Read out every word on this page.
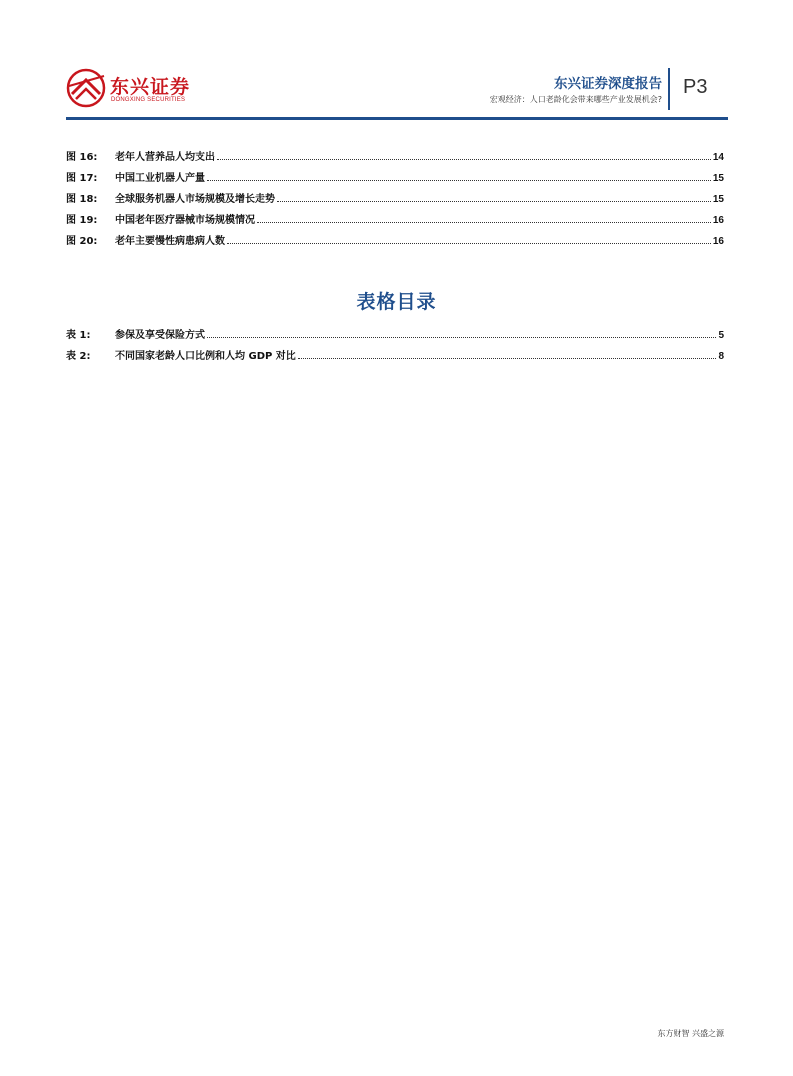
东兴证券
DONGXING SECURITIES
东兴证券深度报告
宏观经济：人口老龄化会带来哪些产业发展机会?
P3
图 16:	老年人营养品人均支出	14
图 17:	中国工业机器人产量	15
图 18:	全球服务机器人市场规模及增长走势	15
图 19:	中国老年医疗器械市场规模情况	16
图 20:	老年主要慢性病患病人数	16
表格目录
表 1:	参保及享受保险方式	5
表 2:	不同国家老龄人口比例和人均 GDP 对比	8
东方财智 兴盛之源
